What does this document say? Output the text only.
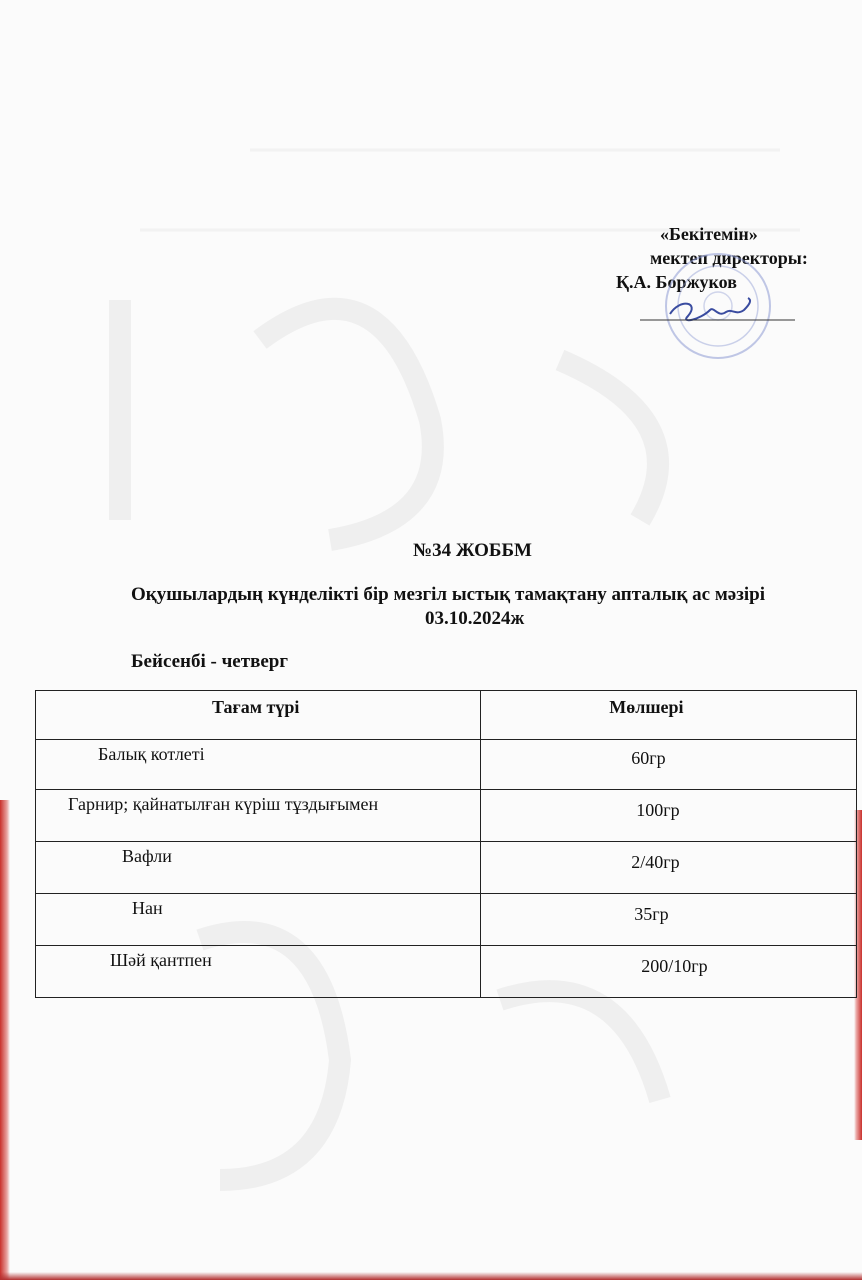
«Бекітемін»
мектеп директоры:
Қ.А. Боржуков
№34 ЖОББМ
Оқушылардың күнделікті бір мезгіл ыстық тамақтану апталық ас мәзірі
03.10.2024ж
Бейсенбі - четверг
Тағам түрі	Мөлшері
Балық котлеті	60гр
Гарнир; қайнатылған күріш тұздығымен	100гр
Вафли	2/40гр
Нан	35гр
Шәй қантпен	200/10гр
